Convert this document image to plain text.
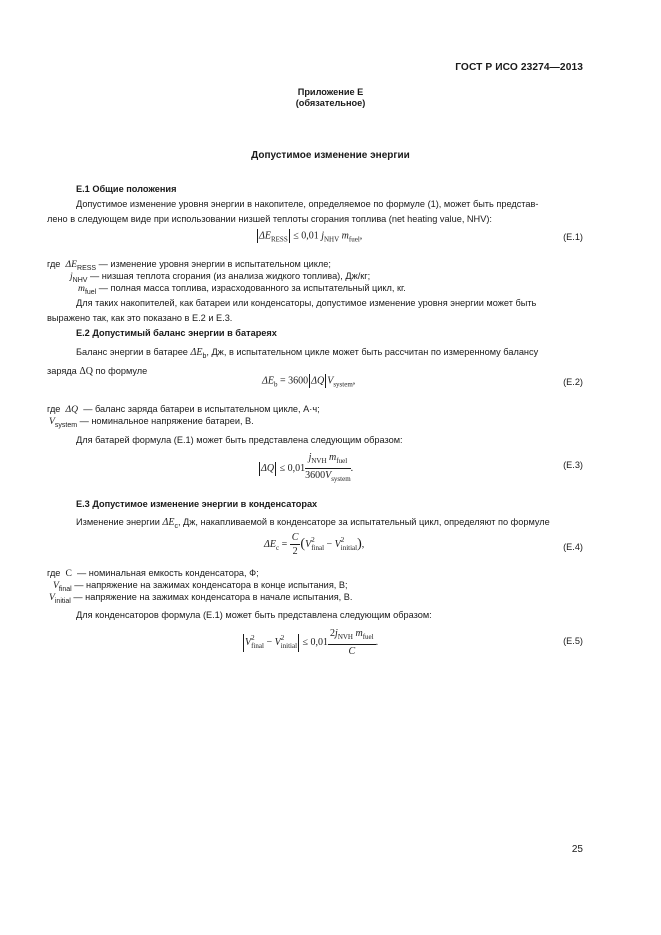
ГОСТ Р ИСО 23274—2013
Приложение Е
(обязательное)
Допустимое изменение энергии
Е.1 Общие положения
Допустимое изменение уровня энергии в накопителе, определяемое по формуле (1), может быть представ-
лено в следующем виде при использовании низшей теплоты сгорания топлива (net heating value, NHV):
$\Delta E_{RESS} \le 0,01$ $j_{NHV}$ $m_{fuel}$,	(E.1)
где $\Delta E_{RESS}$ — изменение уровня энергии в испытательном цикле;
$j_{NHV}$ — низшая теплота сгорания (из анализа жидкого топлива), Дж/кг;
$m_{fuel}$ — полная масса топлива, израсходованного за испытательный цикл, кг.
Для таких накопителей, как батареи или конденсаторы, допустимое изменение уровня энергии может быть
выражено так, как это показано в Е.2 и Е.3.
Е.2 Допустимый баланс энергии в батареях
Баланс энергии в батарее $\Delta E_b$, Дж, в испытательном цикле может быть рассчитан по измеренному балансу
заряда ΔQ по формуле
$\Delta E_b = 3600$ ΔQ $V_{system}$,	(E.2)
где ΔQ — баланс заряда батареи в испытательном цикле, А·ч;
$V_{system}$ — номинальное напряжение батареи, В.
Для батарей формула (Е.1) может быть представлена следующим образом:
$\Delta Q \le 0,01 \frac{j_{NVH} m_{fuel}}{3600V_{system}}$ .	(E.3)
Е.3 Допустимое изменение энергии в конденсаторах
Изменение энергии $\Delta E_c$, Дж, накапливаемой в конденсаторе за испытательный цикл, определяют по формуле
$\Delta E_c = \frac{C}{2} (V$ $_{2 final}$ − V $_{2 initial}$),	(E.4)
где C — номинальная емкость конденсатора, Ф;
$V_{final}$ — напряжение на зажимах конденсатора в конце испытания, В;
$V_{initial}$ — напряжение на зажимах конденсатора в начале испытания, В.
Для конденсаторов формула (Е.1) может быть представлена следующим образом:
V $_{2 final}$ − V $_{2 initial} \le 0,01 \frac{2j_{NVH} m_{fuel}}{C}$ .	(E.5)
25
